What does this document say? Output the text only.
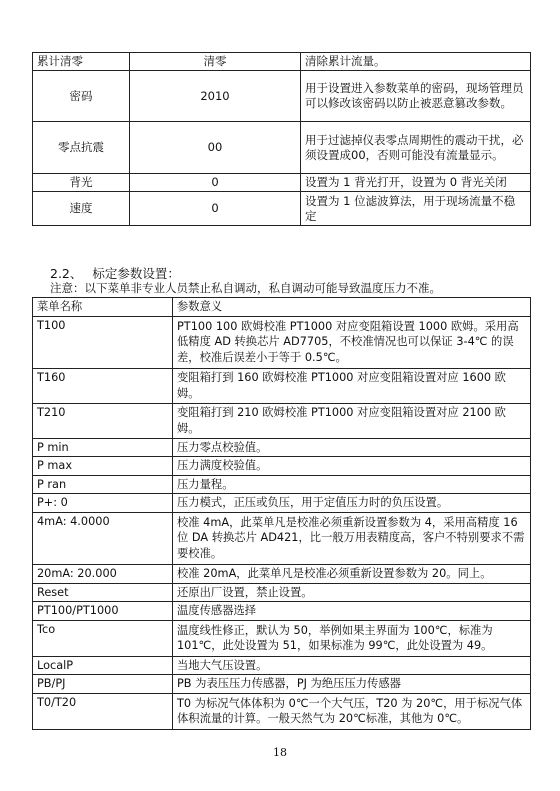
累计清零	清零	清除累计流量。
密码	2010	用于设置进入参数菜单的密码，现场管理员可以修改该密码以防止被恶意篡改参数。
零点抗震	00	用于过滤掉仪表零点周期性的震动干扰，必须设置成00，否则可能没有流量显示。
背光	0	设置为 1 背光打开，设置为 0 背光关闭
速度	0	设置为 1 位滤波算法，用于现场流量不稳定
2.2、 标定参数设置：
注意：以下菜单非专业人员禁止私自调动，私自调动可能导致温度压力不准。
菜单名称	参数意义
T100	PT100 100 欧姆校准 PT1000 对应变阻箱设置 1000 欧姆。采用高低精度 AD 转换芯片 AD7705，不校准情况也可以保证 3-4℃ 的误差，校准后误差小于等于 0.5℃。
T160	变阻箱打到 160 欧姆校准 PT1000 对应变阻箱设置对应 1600 欧姆。
T210	变阻箱打到 210 欧姆校准 PT1000 对应变阻箱设置对应 2100 欧姆。
P min	压力零点校验值。
P max	压力满度校验值。
P ran	压力量程。
P+: 0	压力模式，正压或负压，用于定值压力时的负压设置。
4mA: 4.0000	校准 4mA，此菜单凡是校准必须重新设置参数为 4，采用高精度 16 位 DA 转换芯片 AD421，比一般万用表精度高，客户不特别要求不需要校准。
20mA: 20.000	校准 20mA，此菜单凡是校准必须重新设置参数为 20。同上。
Reset	还原出厂设置，禁止设置。
PT100/PT1000	温度传感器选择
Tco	温度线性修正，默认为 50，举例如果主界面为 100℃，标准为 101℃，此处设置为 51，如果标准为 99℃，此处设置为 49。
LocalP	当地大气压设置。
PB/PJ	PB 为表压压力传感器，PJ 为绝压压力传感器
T0/T20	T0 为标况气体体积为 0℃一个大气压，T20 为 20℃，用于标况气体体积流量的计算。一般天然气为 20℃标准，其他为 0℃。
18
